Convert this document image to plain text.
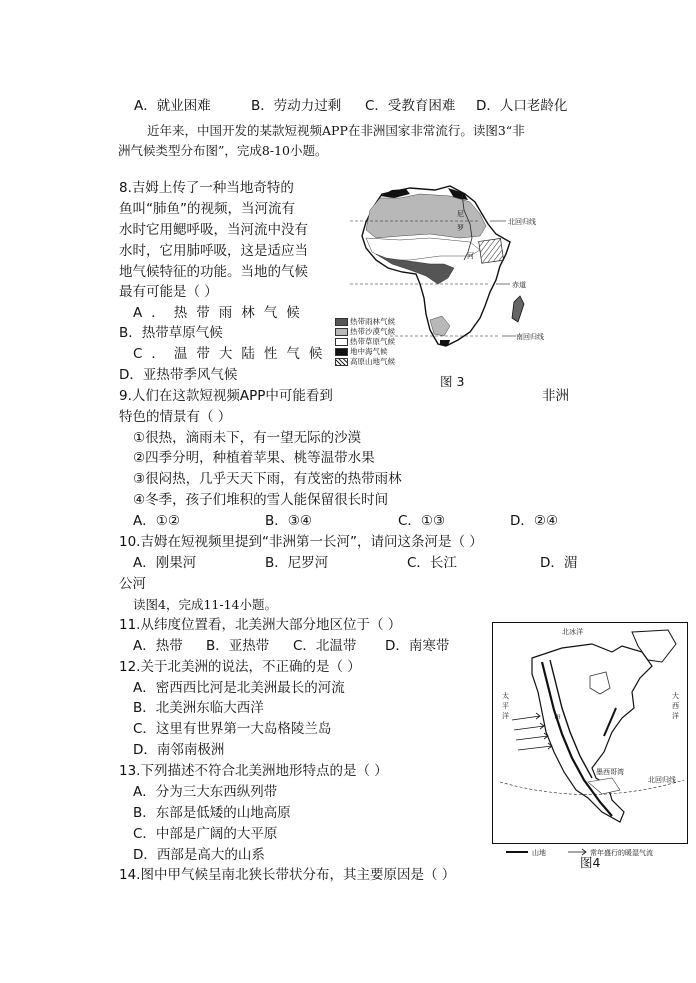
A．就业困难	B．劳动力过剩 C．受教育困难 D．人口老龄化
近年来，中国开发的某款短视频APP在非洲国家非常流行。读图3“非
洲气候类型分布图”，完成8-10小题。
8.吉姆上传了一种当地奇特的
鱼叫“肺鱼”的视频，当河流有
水时它用鳃呼吸，当河流中没有
水时，它用肺呼吸，这是适应当
地气候特征的功能。当地的气候
最有可能是（ ）
A．热带雨林气候
B．热带草原气候
C．温带大陆性气候
D．亚热带季风气候
北回归线
赤道
南回归线
尼
罗
河
热带雨林气候
热带沙漠气候
热带草原气候
地中海气候
高原山地气候
图 3
9.人们在这款短视频APP中可能看到	非洲
特色的情景有（ ）
①很热，滴雨未下，有一望无际的沙漠
②四季分明，种植着苹果、桃等温带水果
③很闷热，几乎天天下雨，有茂密的热带雨林
④冬季，孩子们堆积的雪人能保留很长时间
A．①②	B．③④	C．①③	D．②④
10.吉姆在短视频里提到“非洲第一长河”，请问这条河是（ ）
A．刚果河	B．尼罗河	C．长江	D．湄
公河
读图4，完成11-14小题。
11.从纬度位置看，北美洲大部分地区位于（ ）
A．热带 B．亚热带 C．北温带 D．南寒带
12.关于北美洲的说法，不正确的是（ ）
A．密西西比河是北美洲最长的河流
B．北美洲东临大西洋
C．这里有世界第一大岛格陵兰岛
D．南邻南极洲
13.下列描述不符合北美洲地形特点的是（ ）
A．分为三大东西纵列带
B．东部是低矮的山地高原
C．中部是广阔的大平原
D．西部是高大的山系
14.图中甲气候呈南北狭长带状分布，其主要原因是（ ）
北冰洋
太
平
洋
大
西
洋
甲
北回归线
墨西哥湾
山地	常年盛行的暖湿气流
图4
